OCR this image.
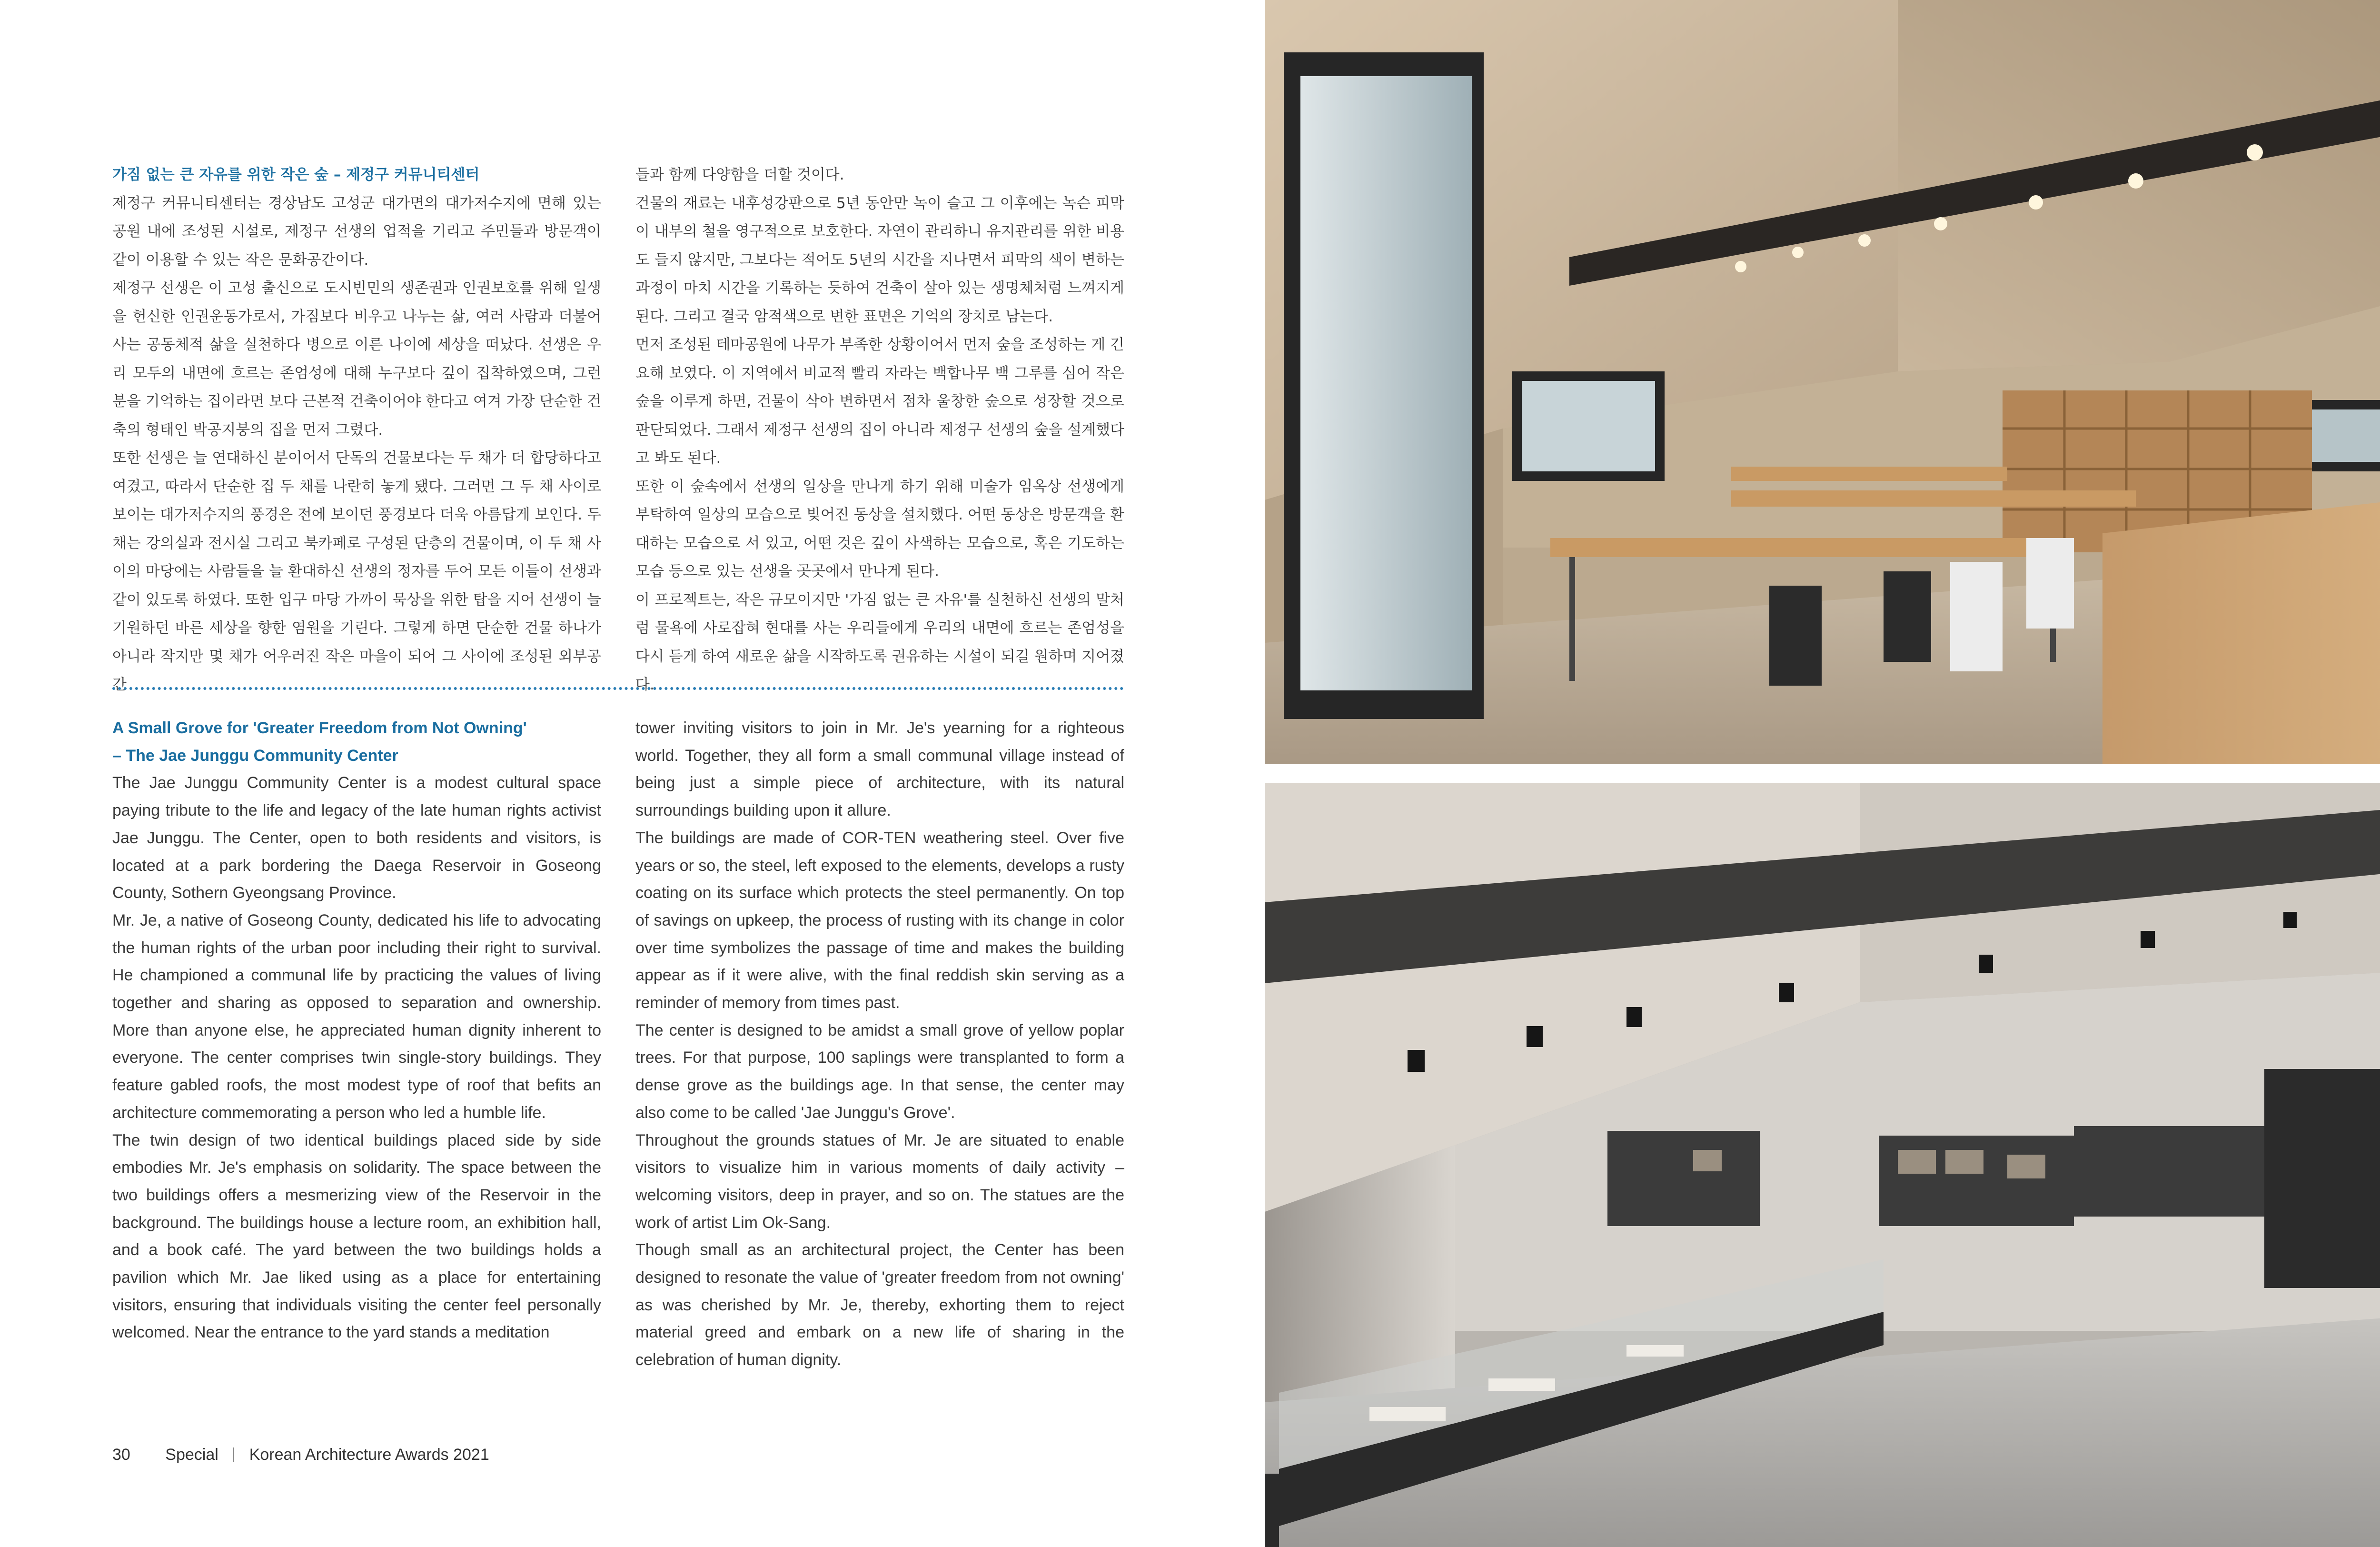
가짐 없는 큰 자유를 위한 작은 숲 – 제정구 커뮤니티센터

제정구 커뮤니티센터는 경상남도 고성군 대가면의 대가저수지에 면해 있는 공원 내에 조성된 시설로, 제정구 선생의 업적을 기리고 주민들과 방문객이 같이 이용할 수 있는 작은 문화공간이다.

제정구 선생은 이 고성 출신으로 도시빈민의 생존권과 인권보호를 위해 일생을 헌신한 인권운동가로서, 가짐보다 비우고 나누는 삶, 여러 사람과 더불어 사는 공동체적 삶을 실천하다 병으로 이른 나이에 세상을 떠났다. 선생은 우리 모두의 내면에 흐르는 존엄성에 대해 누구보다 깊이 집착하였으며, 그런 분을 기억하는 집이라면 보다 근본적 건축이어야 한다고 여겨 가장 단순한 건축의 형태인 박공지붕의 집을 먼저 그렸다.

또한 선생은 늘 연대하신 분이어서 단독의 건물보다는 두 채가 더 합당하다고 여겼고, 따라서 단순한 집 두 채를 나란히 놓게 됐다. 그러면 그 두 채 사이로 보이는 대가저수지의 풍경은 전에 보이던 풍경보다 더욱 아름답게 보인다. 두 채는 강의실과 전시실 그리고 북카페로 구성된 단층의 건물이며, 이 두 채 사이의 마당에는 사람들을 늘 환대하신 선생의 정자를 두어 모든 이들이 선생과 같이 있도록 하였다. 또한 입구 마당 가까이 묵상을 위한 탑을 지어 선생이 늘 기원하던 바른 세상을 향한 염원을 기린다. 그렇게 하면 단순한 건물 하나가 아니라 작지만 몇 채가 어우러진 작은 마을이 되어 그 사이에 조성된 외부공간

들과 함께 다양함을 더할 것이다.

건물의 재료는 내후성강판으로 5년 동안만 녹이 슬고 그 이후에는 녹슨 피막이 내부의 철을 영구적으로 보호한다. 자연이 관리하니 유지관리를 위한 비용도 들지 않지만, 그보다는 적어도 5년의 시간을 지나면서 피막의 색이 변하는 과정이 마치 시간을 기록하는 듯하여 건축이 살아 있는 생명체처럼 느껴지게 된다. 그리고 결국 암적색으로 변한 표면은 기억의 장치로 남는다.

먼저 조성된 테마공원에 나무가 부족한 상황이어서 먼저 숲을 조성하는 게 긴요해 보였다. 이 지역에서 비교적 빨리 자라는 백합나무 백 그루를 심어 작은 숲을 이루게 하면, 건물이 삭아 변하면서 점차 울창한 숲으로 성장할 것으로 판단되었다. 그래서 제정구 선생의 집이 아니라 제정구 선생의 숲을 설계했다고 봐도 된다.

또한 이 숲속에서 선생의 일상을 만나게 하기 위해 미술가 임옥상 선생에게 부탁하여 일상의 모습으로 빚어진 동상을 설치했다. 어떤 동상은 방문객을 환대하는 모습으로 서 있고, 어떤 것은 깊이 사색하는 모습으로, 혹은 기도하는 모습 등으로 있는 선생을 곳곳에서 만나게 된다.

이 프로젝트는, 작은 규모이지만 '가짐 없는 큰 자유'를 실천하신 선생의 말처럼 물욕에 사로잡혀 현대를 사는 우리들에게 우리의 내면에 흐르는 존엄성을 다시 듣게 하여 새로운 삶을 시작하도록 권유하는 시설이 되길 원하며 지어졌다.

A Small Grove for 'Greater Freedom from Not Owning'

– The Jae Junggu Community Center

The Jae Junggu Community Center is a modest cultural space paying tribute to the life and legacy of the late human rights activist Jae Junggu. The Center, open to both residents and visitors, is located at a park bordering the Daega Reservoir in Goseong County, Sothern Gyeongsang Province.

Mr. Je, a native of Goseong County, dedicated his life to advocating the human rights of the urban poor including their right to survival. He championed a communal life by practicing the values of living together and sharing as opposed to separation and ownership. More than anyone else, he appreciated human dignity inherent to everyone. The center comprises twin single-story buildings. They feature gabled roofs, the most modest type of roof that befits an architecture commemorating a person who led a humble life.

The twin design of two identical buildings placed side by side embodies Mr. Je's emphasis on solidarity. The space between the two buildings offers a mesmerizing view of the Reservoir in the background. The buildings house a lecture room, an exhibition hall, and a book café. The yard between the two buildings holds a pavilion which Mr. Jae liked using as a place for entertaining visitors, ensuring that individuals visiting the center feel personally welcomed. Near the entrance to the yard stands a meditation

tower inviting visitors to join in Mr. Je's yearning for a righteous world. Together, they all form a small communal village instead of being just a simple piece of architecture, with its natural surroundings building upon it allure.

The buildings are made of COR-TEN weathering steel. Over five years or so, the steel, left exposed to the elements, develops a rusty coating on its surface which protects the steel permanently. On top of savings on upkeep, the process of rusting with its change in color over time symbolizes the passage of time and makes the building appear as if it were alive, with the final reddish skin serving as a reminder of memory from times past.

The center is designed to be amidst a small grove of yellow poplar trees. For that purpose, 100 saplings were transplanted to form a dense grove as the buildings age. In that sense, the center may also come to be called 'Jae Junggu's Grove'.

Throughout the grounds statues of Mr. Je are situated to enable visitors to visualize him in various moments of daily activity – welcoming visitors, deep in prayer, and so on. The statues are the work of artist Lim Ok-Sang.

Though small as an architectural project, the Center has been designed to resonate the value of 'greater freedom from not owning' as was cherished by Mr. Je, thereby, exhorting them to reject material greed and embark on a new life of sharing in the celebration of human dignity.

30 Special Korean Architecture Awards 2021
